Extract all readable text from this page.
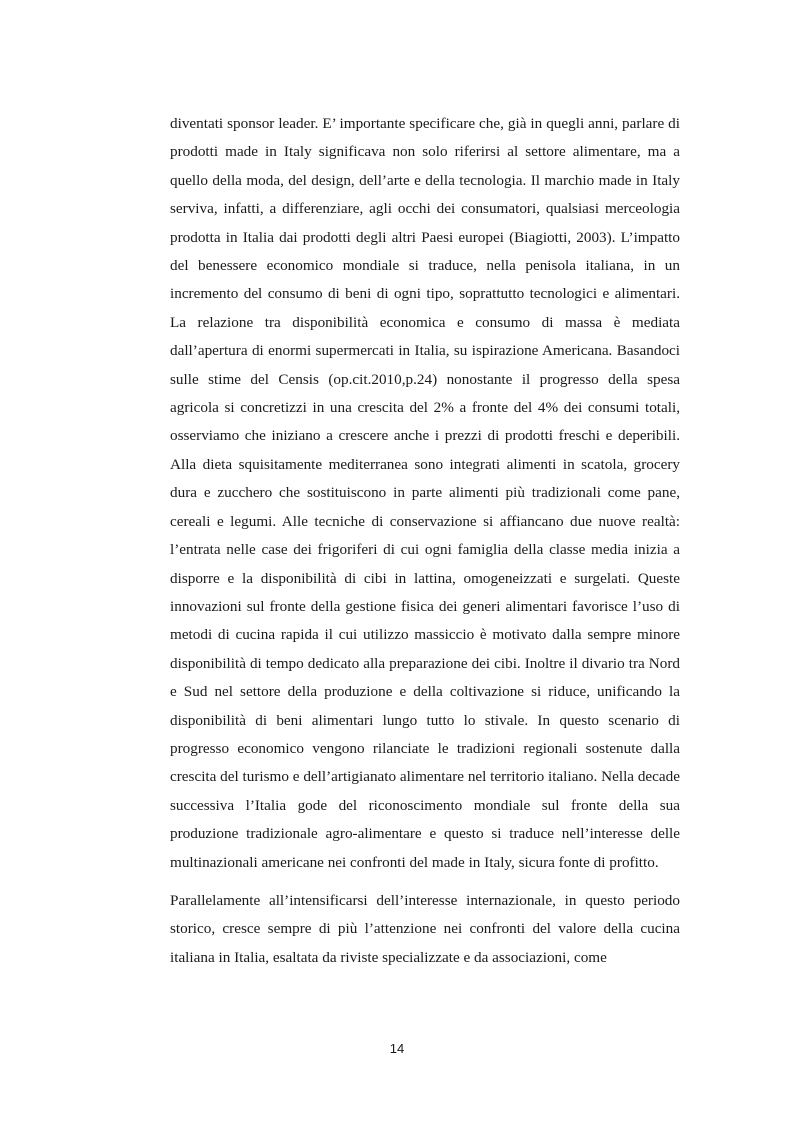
diventati sponsor leader. E’ importante specificare che, già in quegli anni, parlare di prodotti made in Italy significava non solo riferirsi al settore alimentare, ma a quello della moda, del design, dell’arte e della tecnologia. Il marchio made in Italy serviva, infatti, a differenziare, agli occhi dei consumatori, qualsiasi merceologia prodotta in Italia dai prodotti degli altri Paesi europei (Biagiotti, 2003). L’impatto del benessere economico mondiale si traduce, nella penisola italiana, in un incremento del consumo di beni di ogni tipo, soprattutto tecnologici e alimentari. La relazione tra disponibilità economica e consumo di massa è mediata dall’apertura di enormi supermercati in Italia, su ispirazione Americana. Basandoci sulle stime del Censis (op.cit.2010,p.24) nonostante il progresso della spesa agricola si concretizzi in una crescita del 2% a fronte del 4% dei consumi totali, osserviamo che iniziano a crescere anche i prezzi di prodotti freschi e deperibili. Alla dieta squisitamente mediterranea sono integrati alimenti in scatola, grocery dura e zucchero che sostituiscono in parte alimenti più tradizionali come pane, cereali e legumi. Alle tecniche di conservazione si affiancano due nuove realtà: l’entrata nelle case dei frigoriferi di cui ogni famiglia della classe media inizia a disporre e la disponibilità di cibi in lattina, omogeneizzati e surgelati. Queste innovazioni sul fronte della gestione fisica dei generi alimentari favorisce l’uso di metodi di cucina rapida il cui utilizzo massiccio è motivato dalla sempre minore disponibilità di tempo dedicato alla preparazione dei cibi. Inoltre il divario tra Nord e Sud nel settore della produzione e della coltivazione si riduce, unificando la disponibilità di beni alimentari lungo tutto lo stivale. In questo scenario di progresso economico vengono rilanciate le tradizioni regionali sostenute dalla crescita del turismo e dell’artigianato alimentare nel territorio italiano. Nella decade successiva l’Italia gode del riconoscimento mondiale sul fronte della sua produzione tradizionale agro-alimentare e questo si traduce nell’interesse delle multinazionali americane nei confronti del made in Italy, sicura fonte di profitto.

Parallelamente all’intensificarsi dell’interesse internazionale, in questo periodo storico, cresce sempre di più l’attenzione nei confronti del valore della cucina italiana in Italia, esaltata da riviste specializzate e da associazioni, come

14
